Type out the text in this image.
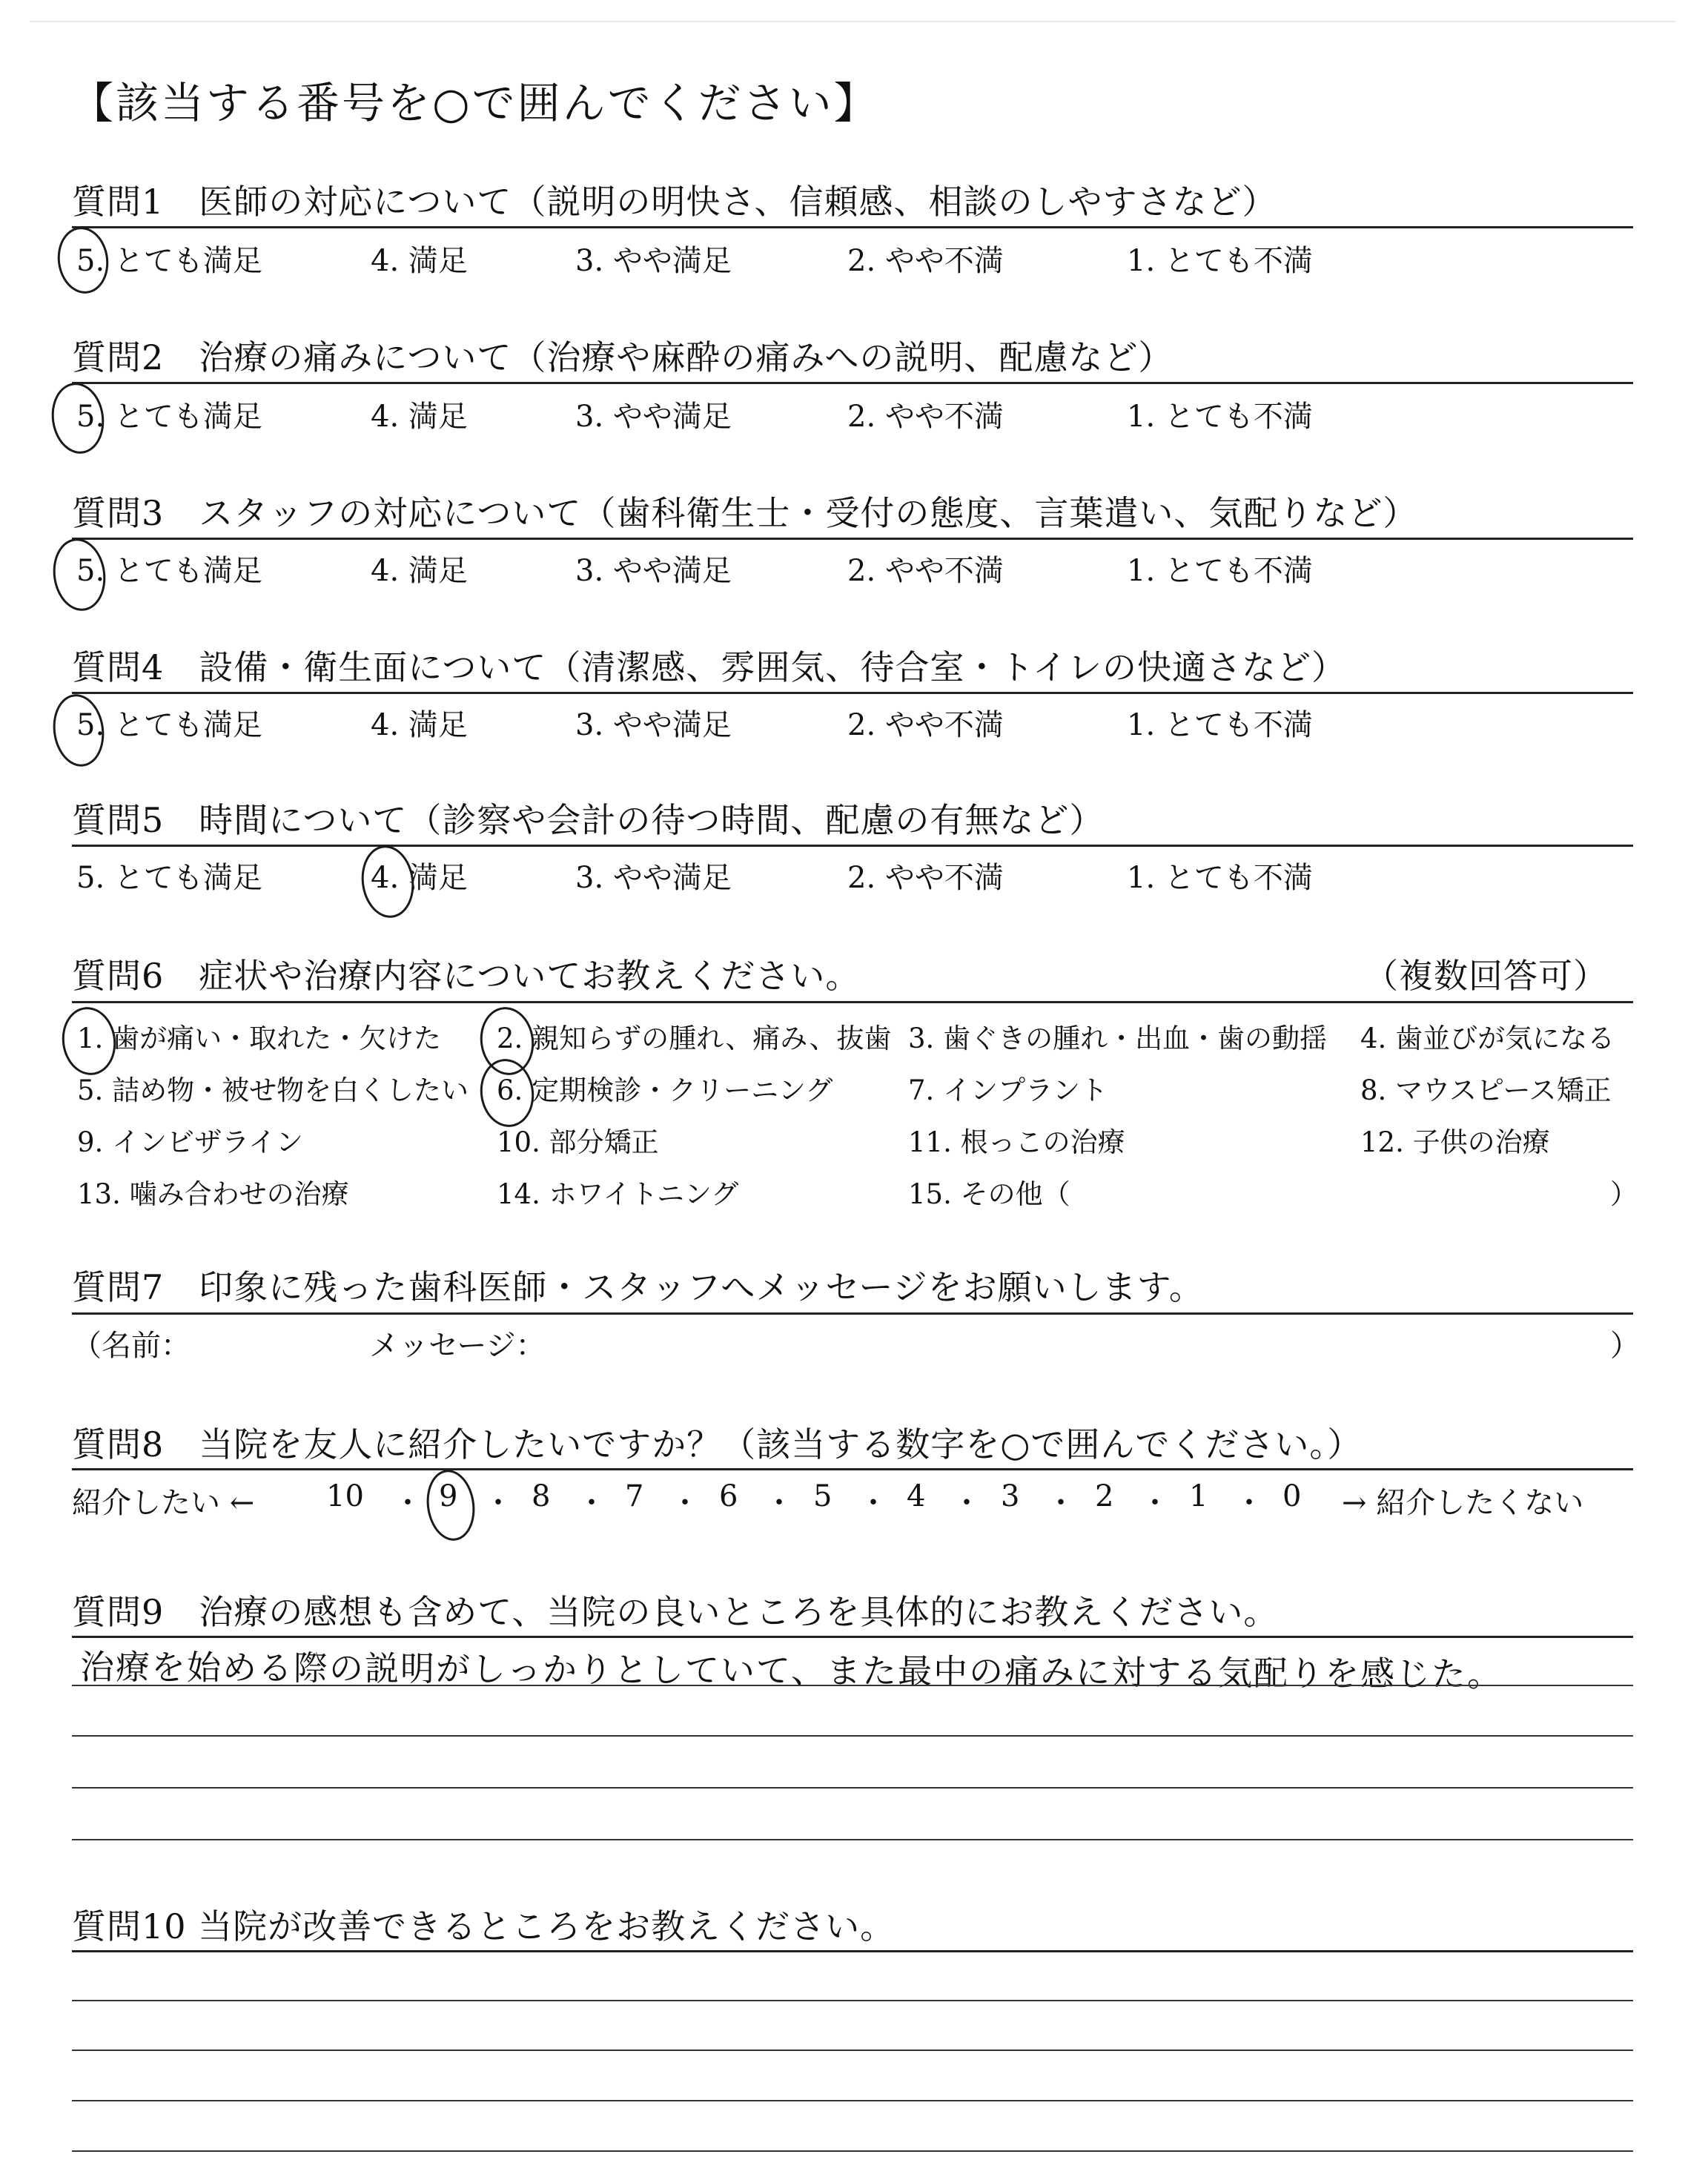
【該当する番号を○で囲んでください】
質問1　医師の対応について（説明の明快さ、信頼感、相談のしやすさなど）
5. とても満足	4. 満足	3. やや満足	2. やや不満	1. とても不満
質問2　治療の痛みについて（治療や麻酔の痛みへの説明、配慮など）
5. とても満足	4. 満足	3. やや満足	2. やや不満	1. とても不満
質問3　スタッフの対応について（歯科衛生士・受付の態度、言葉遣い、気配りなど）
5. とても満足	4. 満足	3. やや満足	2. やや不満	1. とても不満
質問4　設備・衛生面について（清潔感、雰囲気、待合室・トイレの快適さなど）
5. とても満足	4. 満足	3. やや満足	2. やや不満	1. とても不満
質問5　時間について（診察や会計の待つ時間、配慮の有無など）
5. とても満足	4. 満足	3. やや満足	2. やや不満	1. とても不満
質問6　症状や治療内容についてお教えください。	（複数回答可）
1. 歯が痛い・取れた・欠けた 2. 親知らずの腫れ、痛み、抜歯 3. 歯ぐきの腫れ・出血・歯の動揺 4. 歯並びが気になる
5. 詰め物・被せ物を白くしたい 6. 定期検診・クリーニング	7. インプラント	8. マウスピース矯正
9. インビザライン	10. 部分矯正	11. 根っこの治療	12. 子供の治療
13. 噛み合わせの治療	14. ホワイトニング	15. その他（	）
質問7　印象に残った歯科医師・スタッフへメッセージをお願いします。
（名前：	メッセージ：	）
質問8　当院を友人に紹介したいですか？（該当する数字を○で囲んでください。）
紹介したい ←	→ 紹介したくない
10 ・ 9 ・ 8 ・ 7 ・ 6 ・ 5 ・ 4 ・ 3 ・ 2 ・ 1 ・ 0
質問9　治療の感想も含めて、当院の良いところを具体的にお教えください。
治療を始める際の説明がしっかりとしていて、また最中の痛みに対する気配りを感じた。
質問10 当院が改善できるところをお教えください。
